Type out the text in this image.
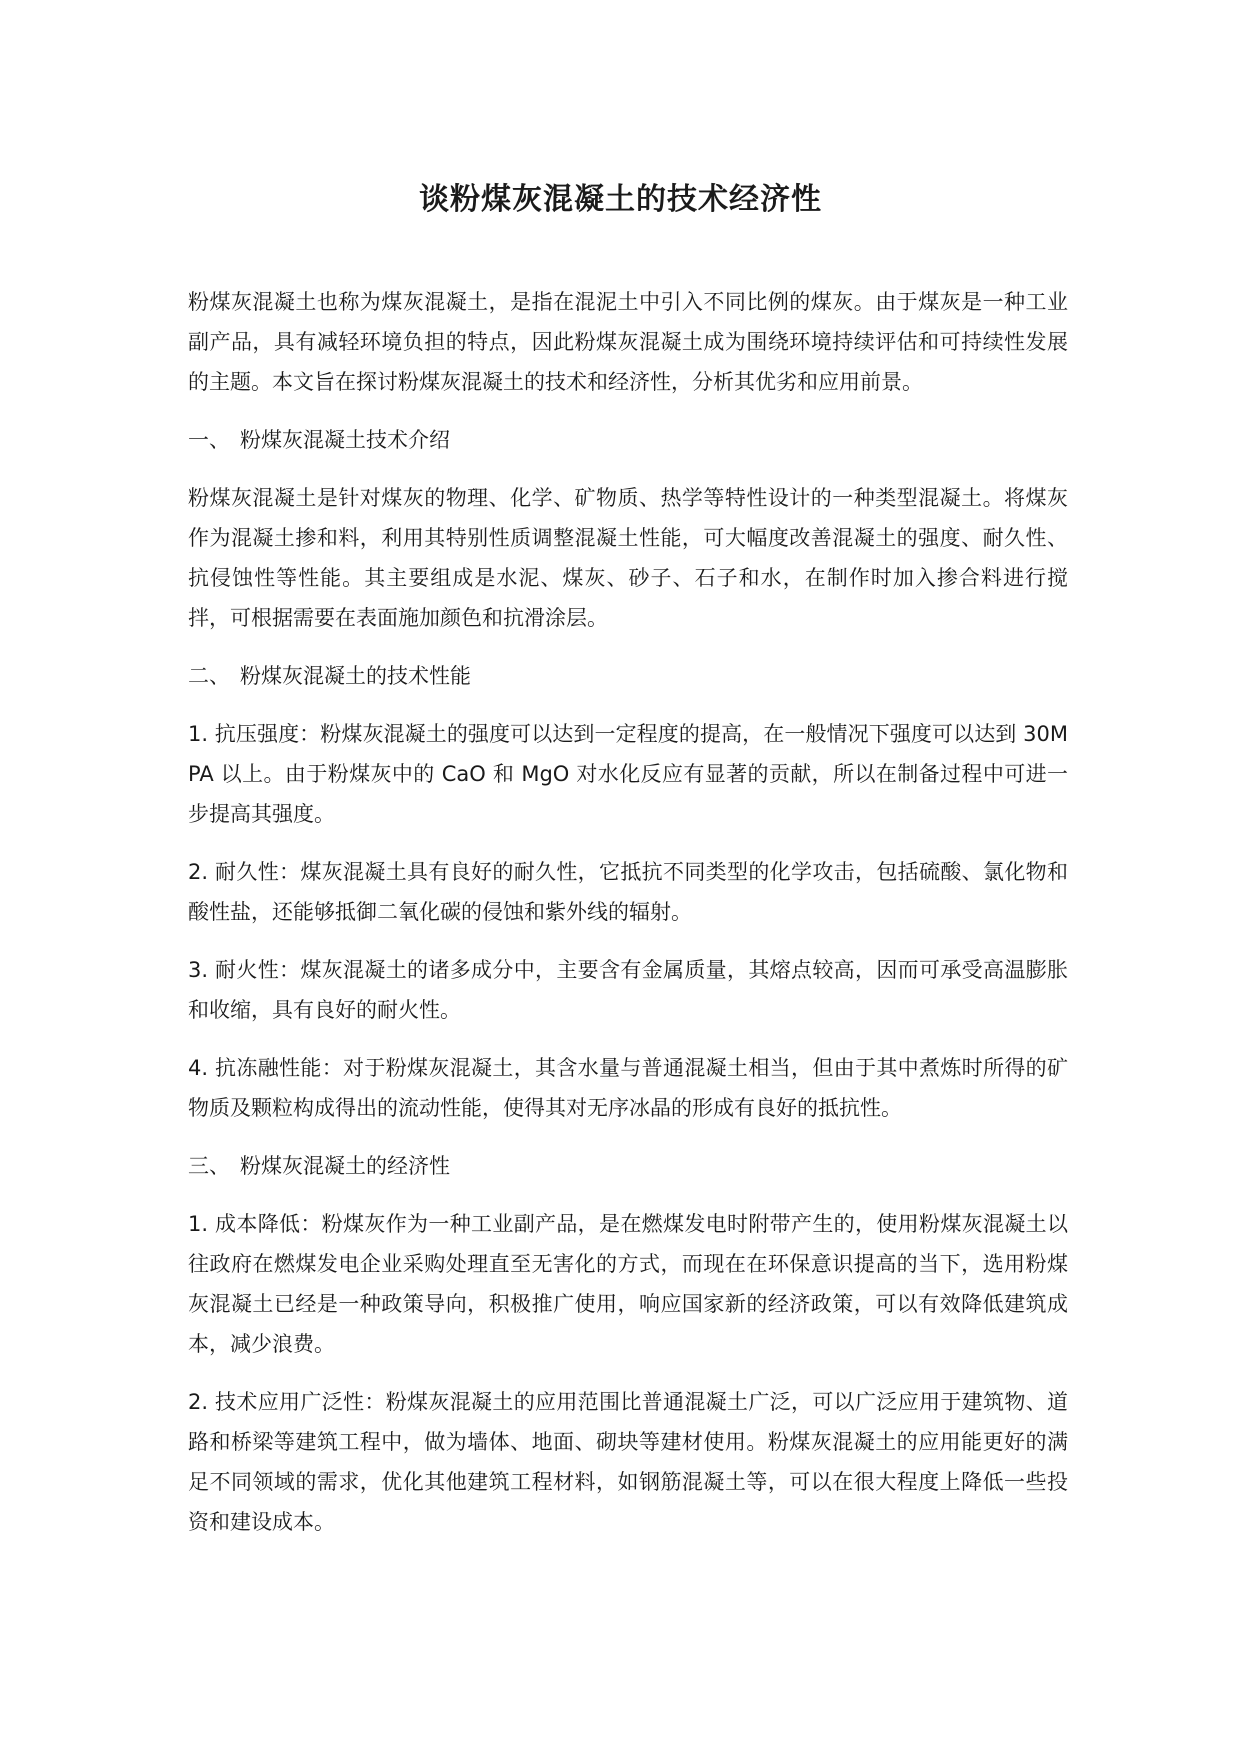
谈粉煤灰混凝土的技术经济性

粉煤灰混凝土也称为煤灰混凝土，是指在混泥土中引入不同比例的煤灰。由于煤灰是一种工业副产品，具有减轻环境负担的特点，因此粉煤灰混凝土成为围绕环境持续评估和可持续性发展的主题。本文旨在探讨粉煤灰混凝土的技术和经济性，分析其优劣和应用前景。

一、 粉煤灰混凝土技术介绍

粉煤灰混凝土是针对煤灰的物理、化学、矿物质、热学等特性设计的一种类型混凝土。将煤灰作为混凝土掺和料，利用其特别性质调整混凝土性能，可大幅度改善混凝土的强度、耐久性、抗侵蚀性等性能。其主要组成是水泥、煤灰、砂子、石子和水，在制作时加入掺合料进行搅拌，可根据需要在表面施加颜色和抗滑涂层。

二、 粉煤灰混凝土的技术性能

1. 抗压强度：粉煤灰混凝土的强度可以达到一定程度的提高，在一般情况下强度可以达到 30MPA 以上。由于粉煤灰中的 CaO 和 MgO 对水化反应有显著的贡献，所以在制备过程中可进一步提高其强度。

2. 耐久性：煤灰混凝土具有良好的耐久性，它抵抗不同类型的化学攻击，包括硫酸、氯化物和酸性盐，还能够抵御二氧化碳的侵蚀和紫外线的辐射。

3. 耐火性：煤灰混凝土的诸多成分中，主要含有金属质量，其熔点较高，因而可承受高温膨胀和收缩，具有良好的耐火性。

4. 抗冻融性能：对于粉煤灰混凝土，其含水量与普通混凝土相当，但由于其中煮炼时所得的矿物质及颗粒构成得出的流动性能，使得其对无序冰晶的形成有良好的抵抗性。

三、 粉煤灰混凝土的经济性

1. 成本降低：粉煤灰作为一种工业副产品，是在燃煤发电时附带产生的，使用粉煤灰混凝土以往政府在燃煤发电企业采购处理直至无害化的方式，而现在在环保意识提高的当下，选用粉煤灰混凝土已经是一种政策导向，积极推广使用，响应国家新的经济政策，可以有效降低建筑成本，减少浪费。

2. 技术应用广泛性：粉煤灰混凝土的应用范围比普通混凝土广泛，可以广泛应用于建筑物、道路和桥梁等建筑工程中，做为墙体、地面、砌块等建材使用。粉煤灰混凝土的应用能更好的满足不同领域的需求，优化其他建筑工程材料，如钢筋混凝土等，可以在很大程度上降低一些投资和建设成本。
